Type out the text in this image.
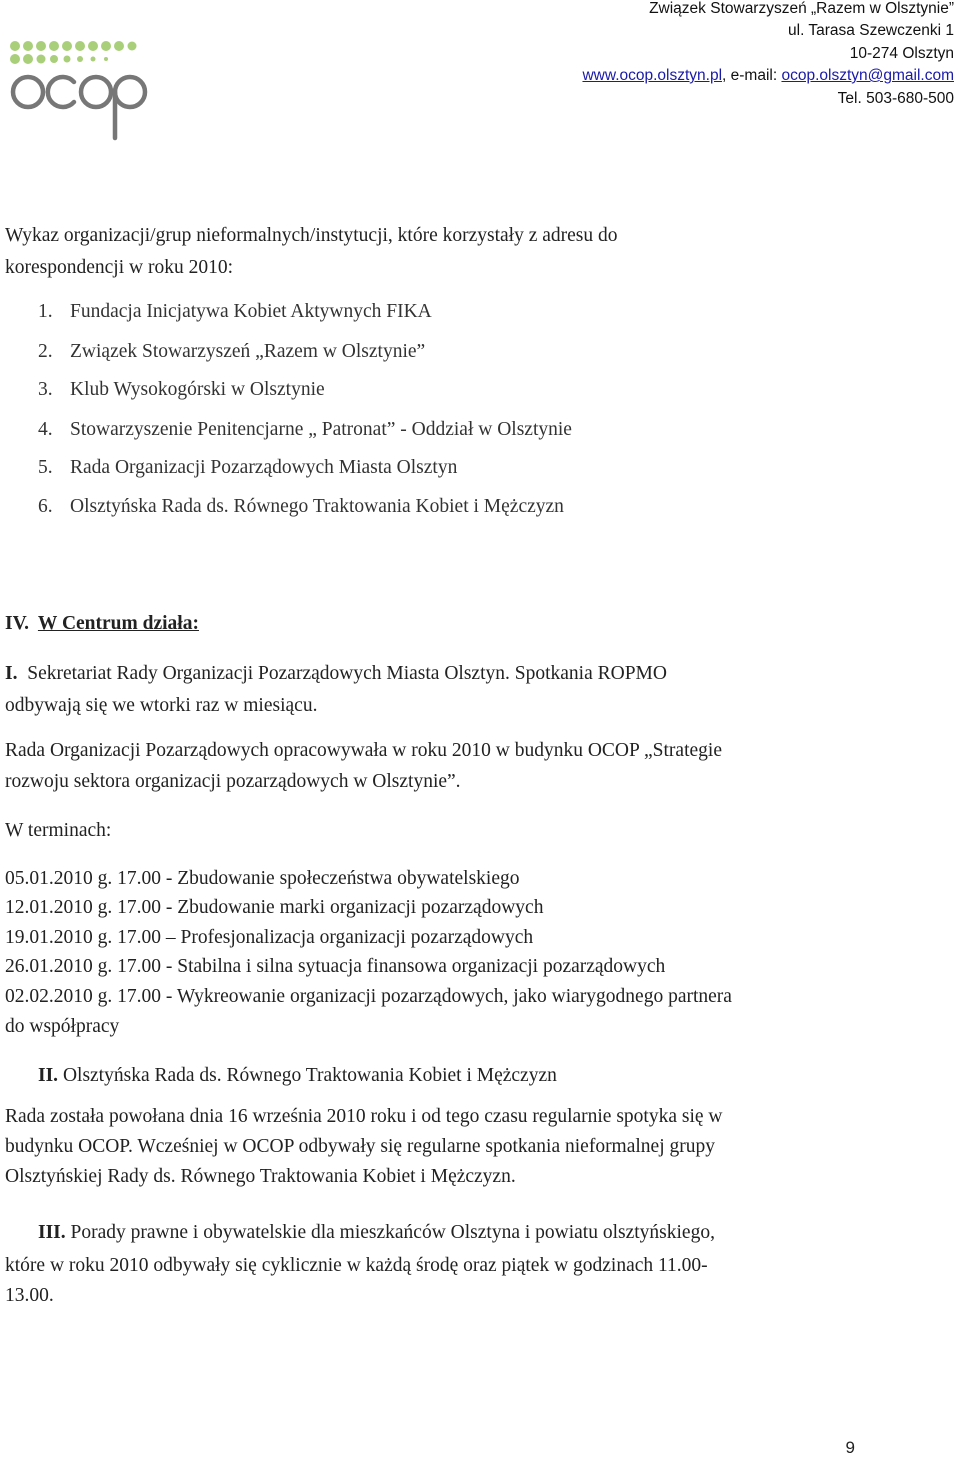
Związek Stowarzyszeń „Razem w Olsztynie”
ul. Tarasa Szewczenki 1
10-274 Olsztyn
www.ocop.olsztyn.pl, e-mail: ocop.olsztyn@gmail.com
Tel. 503-680-500
Wykaz organizacji/grup nieformalnych/instytucji, które korzystały z adresu do
korespondencji w roku 2010:
1. Fundacja Inicjatywa Kobiet Aktywnych FIKA
2. Związek Stowarzyszeń „Razem w Olsztynie”
3. Klub Wysokogórski w Olsztynie
4. Stowarzyszenie Penitencjarne „ Patronat” - Oddział w Olsztynie
5. Rada Organizacji Pozarządowych Miasta Olsztyn
6. Olsztyńska Rada ds. Równego Traktowania Kobiet i Mężczyzn
IV. W Centrum działa:
I. Sekretariat Rady Organizacji Pozarządowych Miasta Olsztyn. Spotkania ROPMO
odbywają się we wtorki raz w miesiącu.
Rada Organizacji Pozarządowych opracowywała w roku 2010 w budynku OCOP „Strategie
rozwoju sektora organizacji pozarządowych w Olsztynie”.
W terminach:
05.01.2010 g. 17.00 - Zbudowanie społeczeństwa obywatelskiego
12.01.2010 g. 17.00 - Zbudowanie marki organizacji pozarządowych
19.01.2010 g. 17.00 – Profesjonalizacja organizacji pozarządowych
26.01.2010 g. 17.00 - Stabilna i silna sytuacja finansowa organizacji pozarządowych
02.02.2010 g. 17.00 - Wykreowanie organizacji pozarządowych, jako wiarygodnego partnera
do współpracy
II. Olsztyńska Rada ds. Równego Traktowania Kobiet i Mężczyzn
Rada została powołana dnia 16 września 2010 roku i od tego czasu regularnie spotyka się w
budynku OCOP. Wcześniej w OCOP odbywały się regularne spotkania nieformalnej grupy
Olsztyńskiej Rady ds. Równego Traktowania Kobiet i Mężczyzn.
III. Porady prawne i obywatelskie dla mieszkańców Olsztyna i powiatu olsztyńskiego,
które w roku 2010 odbywały się cyklicznie w każdą środę oraz piątek w godzinach 11.00-
13.00.
9
